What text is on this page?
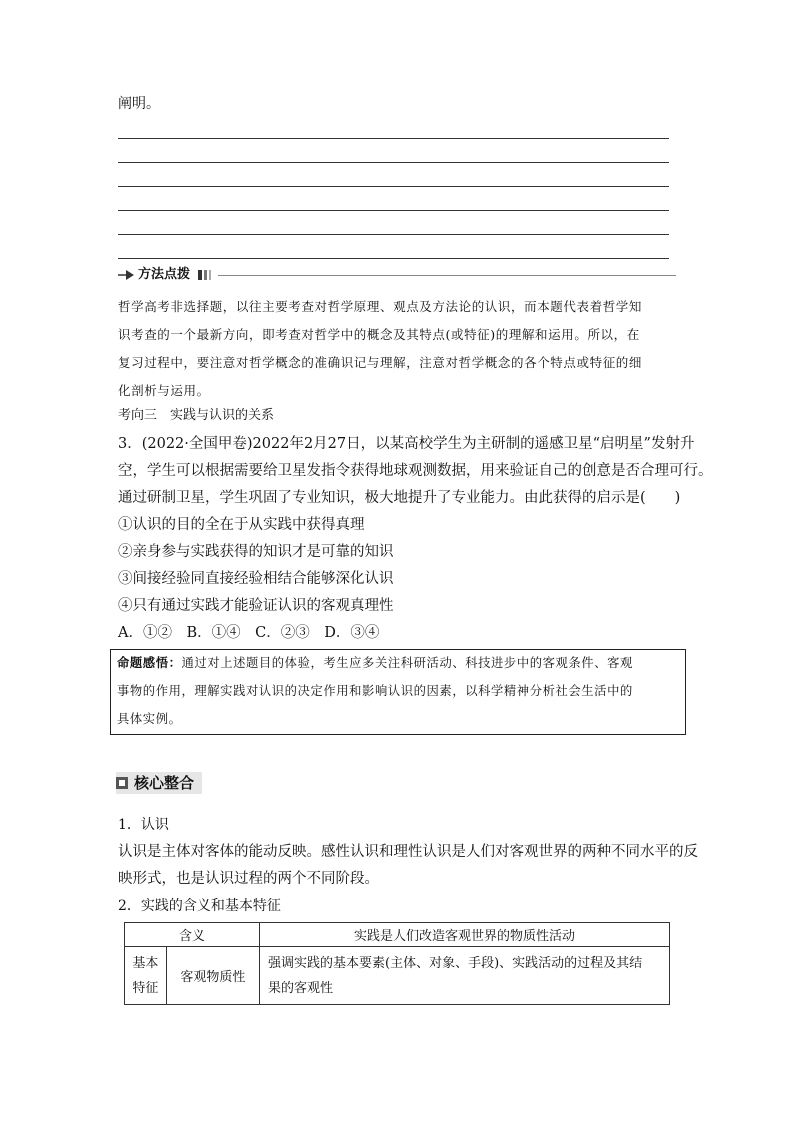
阐明。
方法点拨
哲学高考非选择题，以往主要考查对哲学原理、观点及方法论的认识，而本题代表着哲学知
识考查的一个最新方向，即考查对哲学中的概念及其特点(或特征)的理解和运用。所以，在
复习过程中，要注意对哲学概念的准确识记与理解，注意对哲学概念的各个特点或特征的细
化剖析与运用。
考向三　实践与认识的关系
3．(2022·全国甲卷)2022年2月27日，以某高校学生为主研制的遥感卫星“启明星”发射升
空，学生可以根据需要给卫星发指令获得地球观测数据，用来验证自己的创意是否合理可行。
通过研制卫星，学生巩固了专业知识，极大地提升了专业能力。由此获得的启示是(　　)
①认识的目的全在于从实践中获得真理
②亲身参与实践获得的知识才是可靠的知识
③间接经验同直接经验相结合能够深化认识
④只有通过实践才能验证认识的客观真理性
A．①②　B．①④　C．②③　D．③④
命题感悟：通过对上述题目的体验，考生应多关注科研活动、科技进步中的客观条件、客观
事物的作用，理解实践对认识的决定作用和影响认识的因素，以科学精神分析社会生活中的
具体实例。
核心整合
1．认识
认识是主体对客体的能动反映。感性认识和理性认识是人们对客观世界的两种不同水平的反
映形式，也是认识过程的两个不同阶段。
2．实践的含义和基本特征
含义		实践是人们改造客观世界的物质性活动
基本
特征	客观物质性	强调实践的基本要素(主体、对象、手段)、实践活动的过程及其结
果的客观性
